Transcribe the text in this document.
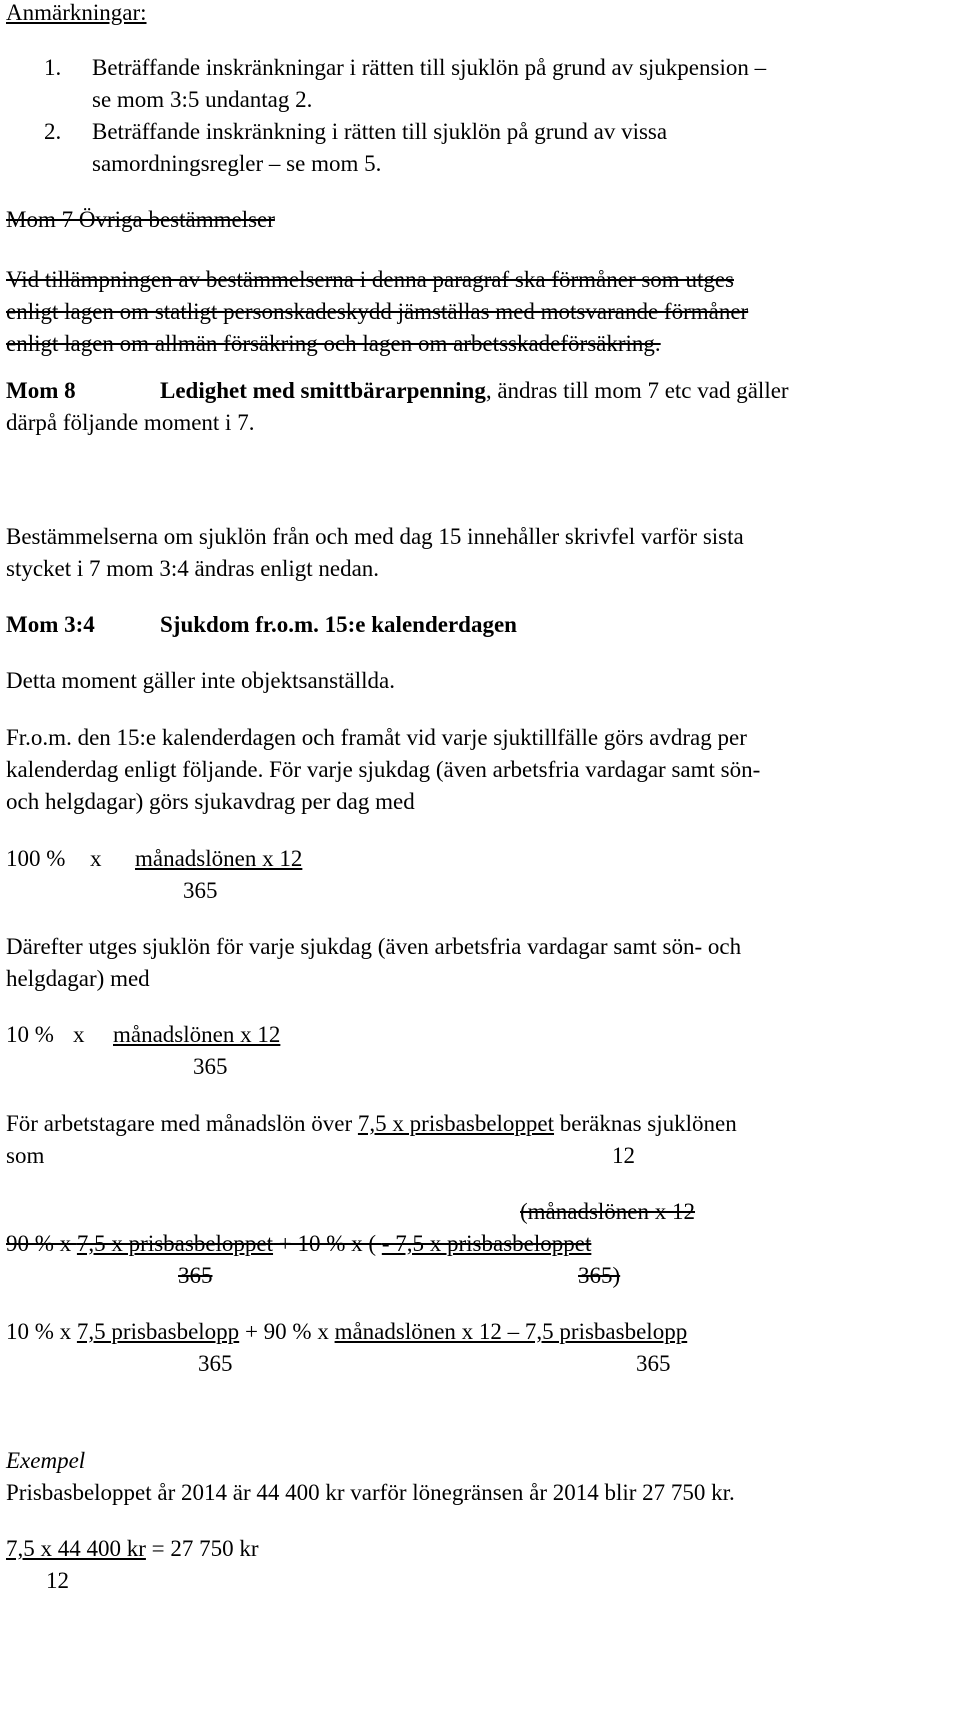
Anmärkningar:
1. Beträffande inskränkningar i rätten till sjuklön på grund av sjukpension –
se mom 3:5 undantag 2.
2. Beträffande inskränkning i rätten till sjuklön på grund av vissa
samordningsregler – se mom 5.
Mom 7 Övriga bestämmelser
Vid tillämpningen av bestämmelserna i denna paragraf ska förmåner som utges
enligt lagen om statligt personskadeskydd jämställas med motsvarande förmåner
enligt lagen om allmän försäkring och lagen om arbetsskadeförsäkring.
Mom 8	Ledighet med smittbärarpenning, ändras till mom 7 etc vad gäller
därpå följande moment i 7.
Bestämmelserna om sjuklön från och med dag 15 innehåller skrivfel varför sista
stycket i 7 mom 3:4 ändras enligt nedan.
Mom 3:4	Sjukdom fr.o.m. 15:e kalenderdagen
Detta moment gäller inte objektsanställda.
Fr.o.m. den 15:e kalenderdagen och framåt vid varje sjuktillfälle görs avdrag per
kalenderdag enligt följande. För varje sjukdag (även arbetsfria vardagar samt sön-
och helgdagar) görs sjukavdrag per dag med
100 % x månadslönen x 12
365
Därefter utges sjuklön för varje sjukdag (även arbetsfria vardagar samt sön- och
helgdagar) med
10 % x månadslönen x 12
365
För arbetstagare med månadslön över 7,5 x prisbasbeloppet beräknas sjuklönen
som	12
(månadslönen x 12
90 % x 7,5 x prisbasbeloppet + 10 % x ( - 7,5 x prisbasbeloppet
365	365)
10 % x 7,5 prisbasbelopp + 90 % x månadslönen x 12 – 7,5 prisbasbelopp
365	365
Exempel
Prisbasbeloppet år 2014 är 44 400 kr varför lönegränsen år 2014 blir 27 750 kr.
7,5 x 44 400 kr = 27 750 kr
12
